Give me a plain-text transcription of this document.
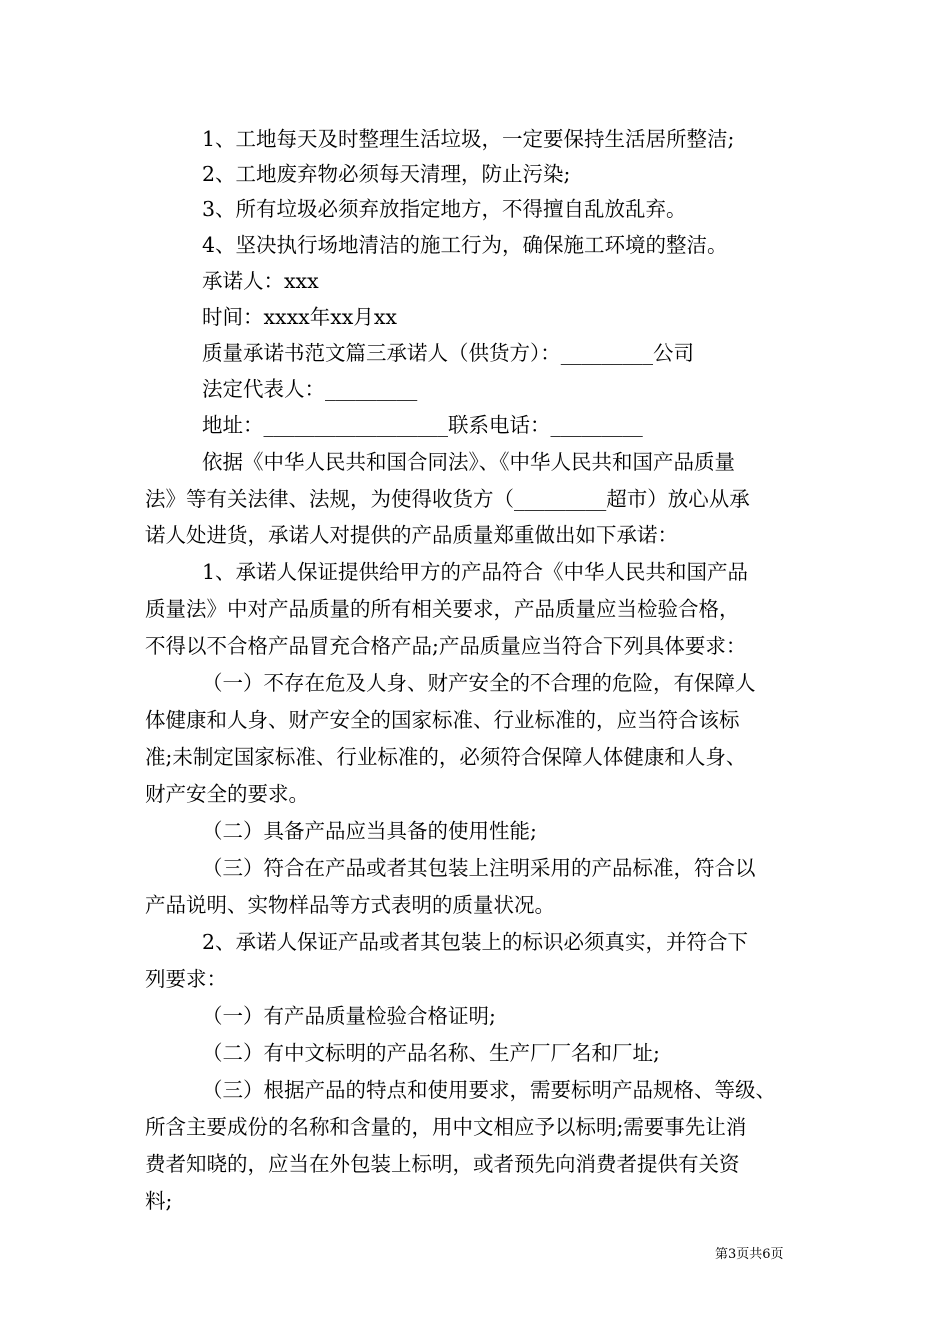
1、工地每天及时整理生活垃圾，一定要保持生活居所整洁;
2、工地废弃物必须每天清理，防止污染;
3、所有垃圾必须弃放指定地方，不得擅自乱放乱弃。
4、坚决执行场地清洁的施工行为，确保施工环境的整洁。
承诺人：xxx
时间：xxxx年xx月xx
质量承诺书范文篇三承诺人（供货方）：_________公司
法定代表人：_________
地址：__________________联系电话：_________
依据《中华人民共和国合同法》、《中华人民共和国产品质量
法》等有关法律、法规，为使得收货方（_________超市）放心从承
诺人处进货，承诺人对提供的产品质量郑重做出如下承诺：
1、承诺人保证提供给甲方的产品符合《中华人民共和国产品
质量法》中对产品质量的所有相关要求，产品质量应当检验合格，
不得以不合格产品冒充合格产品;产品质量应当符合下列具体要求：
（一）不存在危及人身、财产安全的不合理的危险，有保障人
体健康和人身、财产安全的国家标准、行业标准的，应当符合该标
准;未制定国家标准、行业标准的，必须符合保障人体健康和人身、
财产安全的要求。
（二）具备产品应当具备的使用性能;
（三）符合在产品或者其包装上注明采用的产品标准，符合以
产品说明、实物样品等方式表明的质量状况。
2、承诺人保证产品或者其包装上的标识必须真实，并符合下
列要求：
（一）有产品质量检验合格证明;
（二）有中文标明的产品名称、生产厂厂名和厂址;
（三）根据产品的特点和使用要求，需要标明产品规格、等级、
所含主要成份的名称和含量的，用中文相应予以标明;需要事先让消
费者知晓的，应当在外包装上标明，或者预先向消费者提供有关资
料;
第3页共6页
